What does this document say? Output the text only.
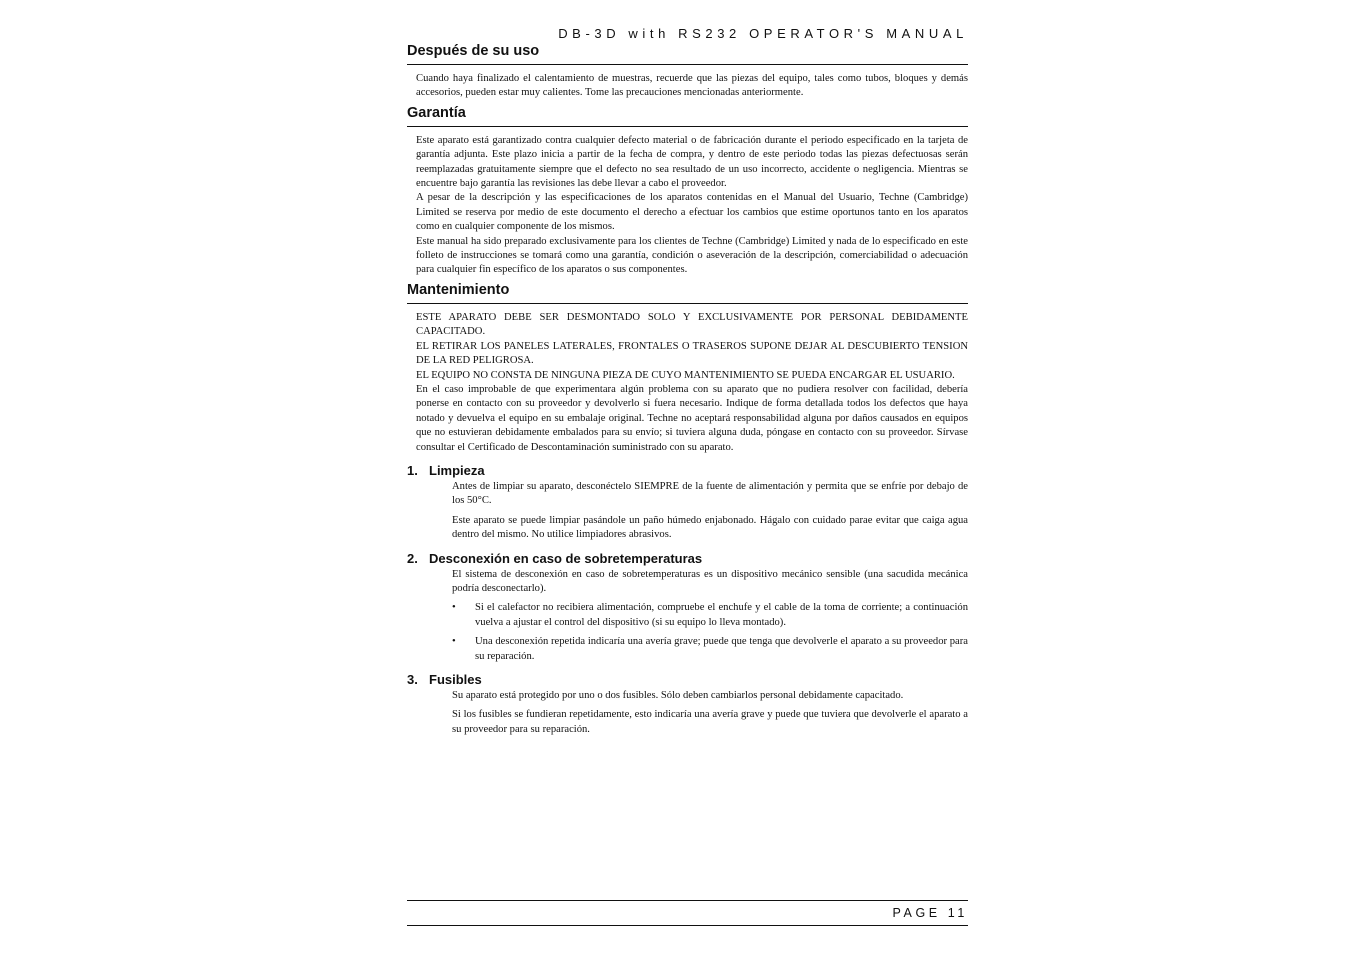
DB-3D with RS232 OPERATOR'S MANUAL
Después de su uso

Cuando haya finalizado el calentamiento de muestras, recuerde que las piezas del equipo, tales como tubos, bloques y demás accesorios, pueden estar muy calientes. Tome las precauciones mencionadas anteriormente.

Garantía

Este aparato está garantizado contra cualquier defecto material o de fabricación durante el periodo especificado en la tarjeta de garantía adjunta. Este plazo inicia a partir de la fecha de compra, y dentro de este periodo todas las piezas defectuosas serán reemplazadas gratuitamente siempre que el defecto no sea resultado de un uso incorrecto, accidente o negligencia. Mientras se encuentre bajo garantía las revisiones las debe llevar a cabo el proveedor.

A pesar de la descripción y las especificaciones de los aparatos contenidas en el Manual del Usuario, Techne (Cambridge) Limited se reserva por medio de este documento el derecho a efectuar los cambios que estime oportunos tanto en los aparatos como en cualquier componente de los mismos.

Este manual ha sido preparado exclusivamente para los clientes de Techne (Cambridge) Limited y nada de lo especificado en este folleto de instrucciones se tomará como una garantía, condición o aseveración de la descripción, comerciabilidad o adecuación para cualquier fin específico de los aparatos o sus componentes.

Mantenimiento

ESTE APARATO DEBE SER DESMONTADO SOLO Y EXCLUSIVAMENTE POR PERSONAL DEBIDAMENTE CAPACITADO.

EL RETIRAR LOS PANELES LATERALES, FRONTALES O TRASEROS SUPONE DEJAR AL DESCUBIERTO TENSION DE LA RED PELIGROSA.

EL EQUIPO NO CONSTA DE NINGUNA PIEZA DE CUYO MANTENIMIENTO SE PUEDA ENCARGAR EL USUARIO.

En el caso improbable de que experimentara algún problema con su aparato que no pudiera resolver con facilidad, debería ponerse en contacto con su proveedor y devolverlo si fuera necesario. Indique de forma detallada todos los defectos que haya notado y devuelva el equipo en su embalaje original. Techne no aceptará responsabilidad alguna por daños causados en equipos que no estuvieran debidamente embalados para su envío; si tuviera alguna duda, póngase en contacto con su proveedor. Sírvase consultar el Certificado de Descontaminación suministrado con su aparato.

1. Limpieza

Antes de limpiar su aparato, desconéctelo SIEMPRE de la fuente de alimentación y permita que se enfríe por debajo de los 50°C.

Este aparato se puede limpiar pasándole un paño húmedo enjabonado. Hágalo con cuidado parae evitar que caiga agua dentro del mismo. No utilice limpiadores abrasivos.

2. Desconexión en caso de sobretemperaturas

El sistema de desconexión en caso de sobretemperaturas es un dispositivo mecánico sensible (una sacudida mecánica podría desconectarlo).

•	Si el calefactor no recibiera alimentación, compruebe el enchufe y el cable de la toma de corriente; a continuación vuelva a ajustar el control del dispositivo (si su equipo lo lleva montado).

•	Una desconexión repetida indicaría una avería grave; puede que tenga que devolverle el aparato a su proveedor para su reparación.

3. Fusibles

Su aparato está protegido por uno o dos fusibles. Sólo deben cambiarlos personal debidamente capacitado.

Si los fusibles se fundieran repetidamente, esto indicaría una avería grave y puede que tuviera que devolverle el aparato a su proveedor para su reparación.

PAGE 11
